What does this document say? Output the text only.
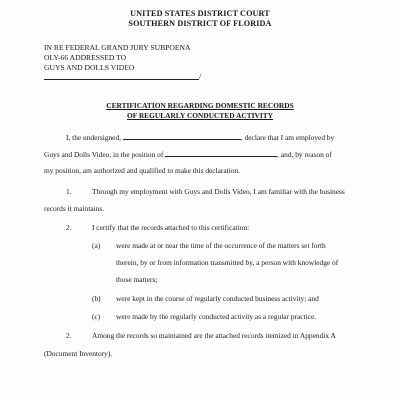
UNITED STATES DISTRICT COURT
SOUTHERN DISTRICT OF FLORIDA
IN RE FEDERAL GRAND JURY SUBPOENA
OLY-66 ADDRESSED TO
GUYS AND DOLLS VIDEO
/
CERTIFICATION REGARDING DOMESTIC RECORDS
OF REGULARLY CONDUCTED ACTIVITY
I, the undersigned,	, declare that I am employed by
Guys and Dolls Video, in the position of	, and, by reason of
my position, am authorized and qualified to make this declaration.
1.	Through my employment with Guys and Dolls Video, I am familiar with the business
records it maintains.
2.	I certify that the records attached to this certification:
(a) were made at or near the time of the occurrence of the matters set forth
therein, by or from information transmitted by, a person with knowledge of
those matters;
(b) were kept in the course of regularly conducted business activity; and
(c) were made by the regularly conducted activity as a regular practice.
2.	Among the records so maintained are the attached records itemized in Appendix A
(Document Inventory).
